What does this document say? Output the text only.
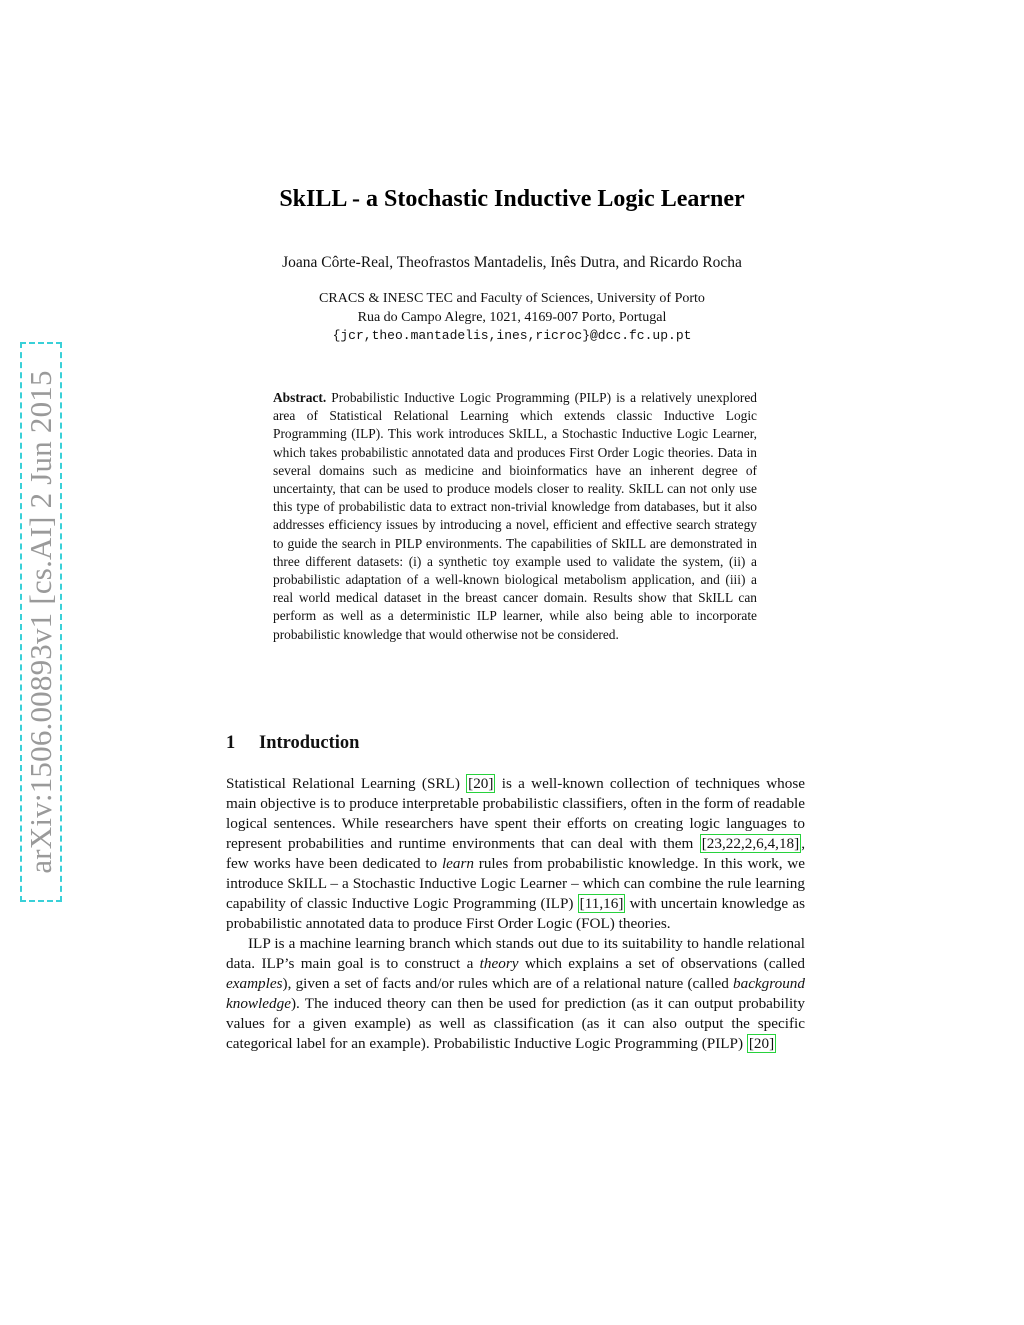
arXiv:1506.00893v1 [cs.AI] 2 Jun 2015
SkILL - a Stochastic Inductive Logic Learner
Joana Côrte-Real, Theofrastos Mantadelis, Inês Dutra, and Ricardo Rocha
CRACS & INESC TEC and Faculty of Sciences, University of Porto
Rua do Campo Alegre, 1021, 4169-007 Porto, Portugal
{jcr,theo.mantadelis,ines,ricroc}@dcc.fc.up.pt
Abstract. Probabilistic Inductive Logic Programming (PILP) is a relatively unexplored area of Statistical Relational Learning which extends classic Inductive Logic Programming (ILP). This work introduces SkILL, a Stochastic Inductive Logic Learner, which takes probabilistic annotated data and produces First Order Logic theories. Data in several domains such as medicine and bioinformatics have an inherent degree of uncertainty, that can be used to produce models closer to reality. SkILL can not only use this type of probabilistic data to extract non-trivial knowledge from databases, but it also addresses efficiency issues by introducing a novel, efficient and effective search strategy to guide the search in PILP environments. The capabilities of SkILL are demonstrated in three different datasets: (i) a synthetic toy example used to validate the system, (ii) a probabilistic adaptation of a well-known biological metabolism application, and (iii) a real world medical dataset in the breast cancer domain. Results show that SkILL can perform as well as a deterministic ILP learner, while also being able to incorporate probabilistic knowledge that would otherwise not be considered.
1 Introduction

Statistical Relational Learning (SRL) [20] is a well-known collection of techniques whose main objective is to produce interpretable probabilistic classifiers, often in the form of readable logical sentences. While researchers have spent their efforts on creating logic languages to represent probabilities and runtime environments that can deal with them [23,22,2,6,4,18] , few works have been dedicated to learn rules from probabilistic knowledge. In this work, we introduce SkILL – a Stochastic Inductive Logic Learner – which can combine the rule learning capability of classic Inductive Logic Programming (ILP) [11,16] with uncertain knowledge as probabilistic annotated data to produce First Order Logic (FOL) theories.

ILP is a machine learning branch which stands out due to its suitability to handle relational data. ILP’s main goal is to construct a theory which explains a set of observations (called examples), given a set of facts and/or rules which are of a relational nature (called background knowledge). The induced theory can then be used for prediction (as it can output probability values for a given example) as well as classification (as it can also output the specific categorical label for an example). Probabilistic Inductive Logic Programming (PILP) [20]
